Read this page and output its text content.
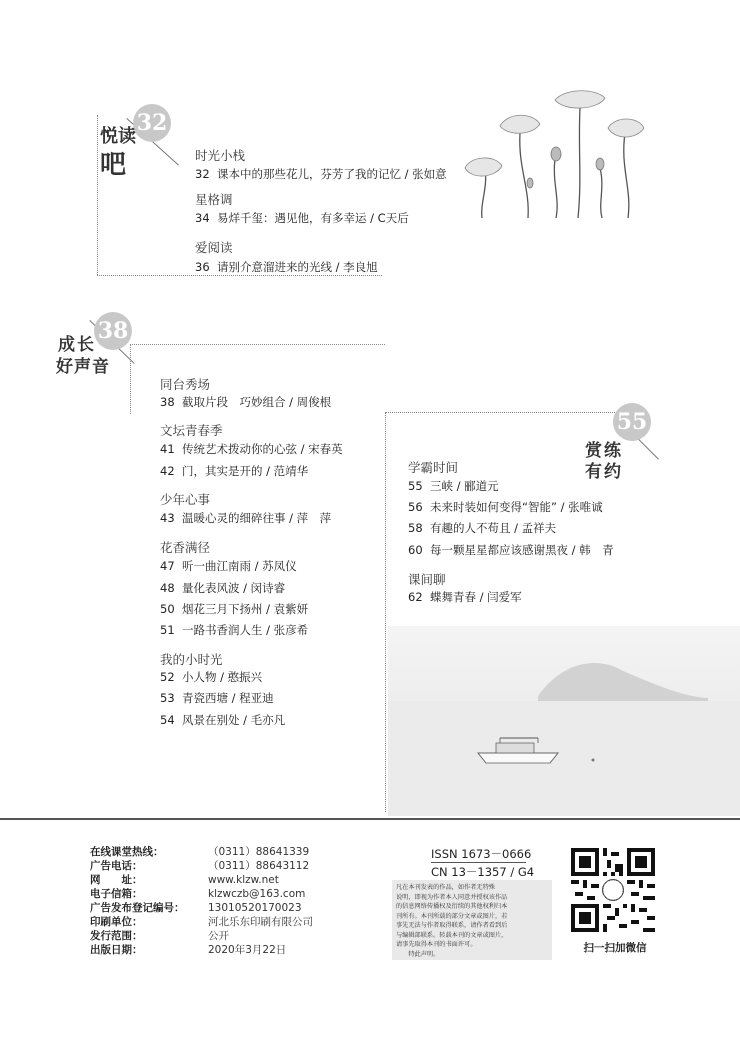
32
悦读
吧	时光小栈
32 课本中的那些花儿，芬芳了我的记忆 / 张如意
星格调
34 易烊千玺：遇见他，有多幸运 / C天后
爱阅读
36 请别介意溜进来的光线 / 李良旭
38
成长
好声音
同台秀场
38 截取片段　巧妙组合 / 周俊根
文坛青春季
41 传统艺术拨动你的心弦 / 宋春英
42 门，其实是开的 / 范靖华
少年心事
43 温暖心灵的细碎往事 / 萍　萍
花香满径
47 听一曲江南雨 / 苏凤仪
48 量化表风波 / 闵诗睿
50 烟花三月下扬州 / 袁紫妍
51 一路书香润人生 / 张彦希
我的小时光
52 小人物 / 憨振兴
53 青瓷西塘 / 程亚迪
54 风景在别处 / 毛亦凡
55
赏练
有约
学霸时间
55 三峡 / 郦道元
56 未来时装如何变得“智能” / 张唯诚
58 有趣的人不苟且 / 孟祥夫
60 每一颗星星都应该感谢黑夜 / 韩　青
课间聊
62 蝶舞青春 / 闫爱军
在线课堂热线：	（0311）88641339
广告电话：	（0311）88643112
网　　址：	www.klzw.net
电子信箱：	klzwczb@163.com
广告发布登记编号：	13010520170023
印刷单位：	河北乐东印刷有限公司
发行范围：	公开
出版日期：	2020年3月22日
ISSN 1673－0666
CN 13－1357 / G4
凡在本刊发表的作品，如作者无特殊
说明，即视为作者本人同意并授权该作品
的信息网络传播权及衍续的其他权利归本
刊所有。本刊所载的部分文章或图片，若
事先无法与作者取得联系，请作者看到后
与编辑部联系。转载本刊的文章或图片，
请事先取得本刊的书面许可。
　　特此声明。	扫一扫加微信
